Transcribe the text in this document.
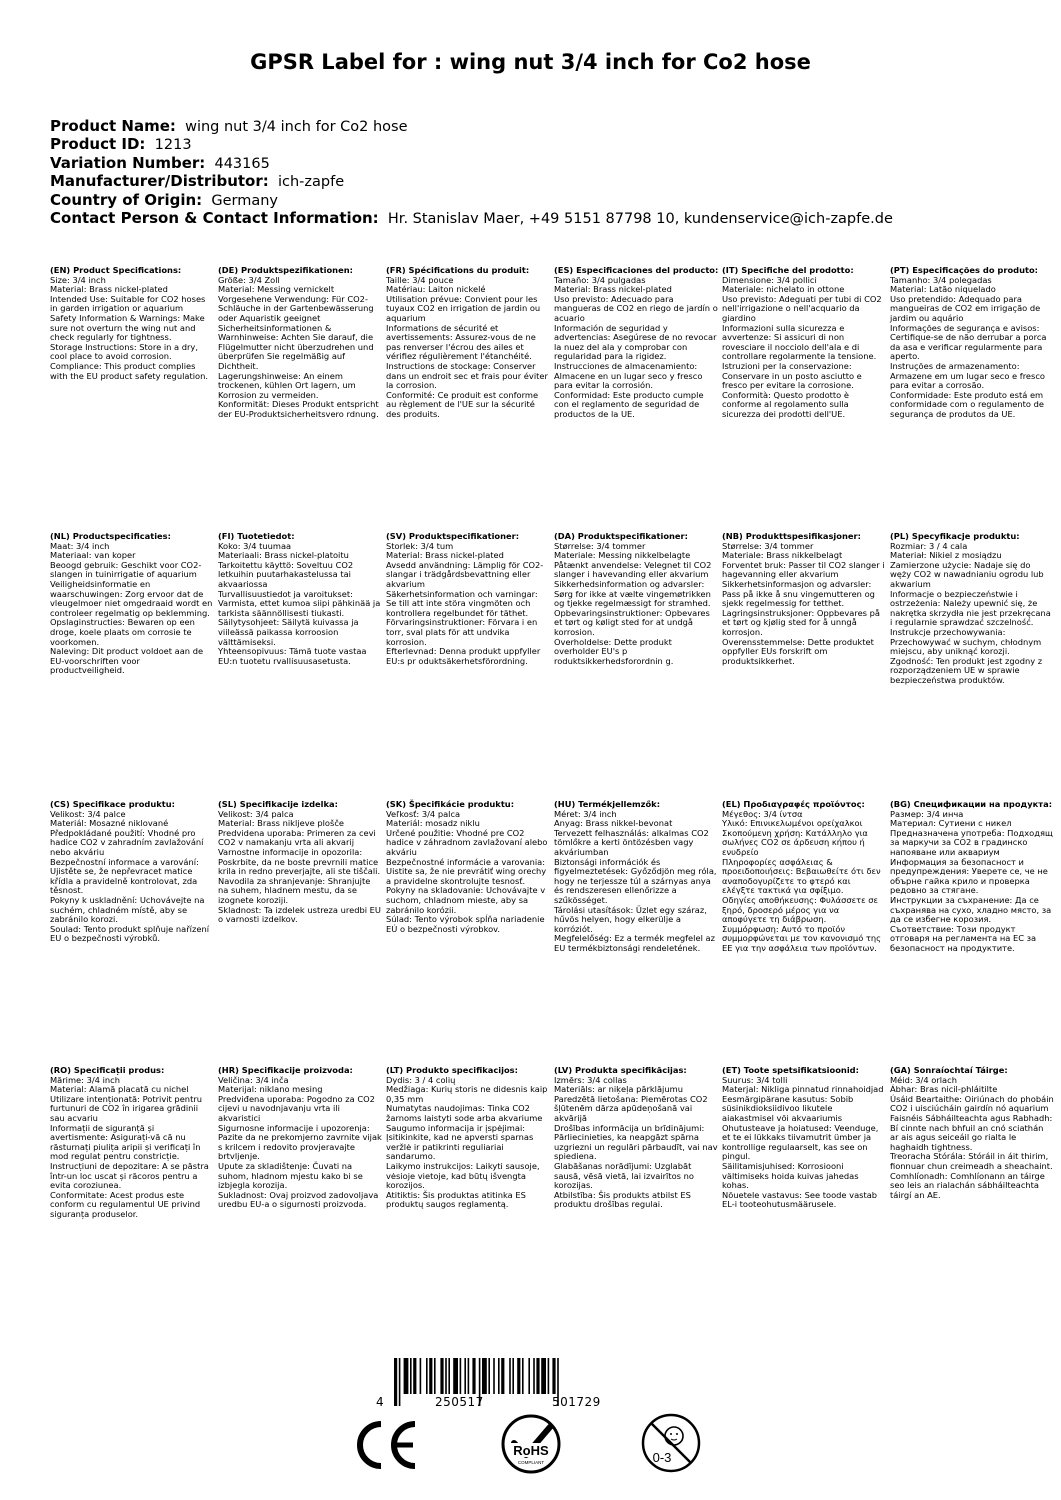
GPSR Label for : wing nut 3/4 inch for Co2 hose
Product Name: wing nut 3/4 inch for Co2 hose
Product ID: 1213
Variation Number: 443165
Manufacturer/Distributor: ich-zapfe
Country of Origin: Germany
Contact Person & Contact Information: Hr. Stanislav Maer, +49 5151 87798 10, kundenservice@ich-zapfe.de
(EN) Product Specifications:
Size: 3/4 inch
Material: Brass nickel-plated
Intended Use: Suitable for CO2 hoses in garden irrigation or aquarium
Safety Information & Warnings: Make sure not overturn the wing nut and check regularly for tightness.
Storage Instructions: Store in a dry, cool place to avoid corrosion.
Compliance: This product complies with the EU product safety regulation.
(DE) Produktspezifikationen:
Größe: 3/4 Zoll
Material: Messing vernickelt
Vorgesehene Verwendung: Für CO2-Schläuche in der Gartenbewässerung oder Aquaristik geeignet
Sicherheitsinformationen & Warnhinweise: Achten Sie darauf, die Flügelmutter nicht überzudrehen und überprüfen Sie regelmäßig auf Dichtheit.
Lagerungshinweise: An einem trockenen, kühlen Ort lagern, um Korrosion zu vermeiden.
Konformität: Dieses Produkt entspricht der EU-Produktsicherheitsvero rdnung.
(FR) Spécifications du produit:
Taille: 3/4 pouce
Matériau: Laiton nickelé
Utilisation prévue: Convient pour les tuyaux CO2 en irrigation de jardin ou aquarium
Informations de sécurité et avertissements: Assurez-vous de ne pas renverser l'écrou des ailes et vérifiez régulièrement l'étanchéité.
Instructions de stockage: Conserver dans un endroit sec et frais pour éviter la corrosion.
Conformité: Ce produit est conforme au règlement de l'UE sur la sécurité des produits.
(ES) Especificaciones del producto:
Tamaño: 3/4 pulgadas
Material: Brass nickel-plated
Uso previsto: Adecuado para mangueras de CO2 en riego de jardín o acuario
Información de seguridad y advertencias: Asegúrese de no revocar la nuez del ala y comprobar con regularidad para la rigidez.
Instrucciones de almacenamiento: Almacene en un lugar seco y fresco para evitar la corrosión.
Conformidad: Este producto cumple con el reglamento de seguridad de productos de la UE.
(IT) Specifiche del prodotto:
Dimensione: 3/4 pollici
Materiale: nichelato in ottone
Uso previsto: Adeguati per tubi di CO2 nell'irrigazione o nell'acquario da giardino
Informazioni sulla sicurezza e avvertenze: Si assicuri di non rovesciare il nocciolo dell'ala e di controllare regolarmente la tensione.
Istruzioni per la conservazione: Conservare in un posto asciutto e fresco per evitare la corrosione.
Conformità: Questo prodotto è conforme al regolamento sulla sicurezza dei prodotti dell'UE.
(PT) Especificações do produto:
Tamanho: 3/4 polegadas
Material: Latão niquelado
Uso pretendido: Adequado para mangueiras de CO2 em irrigação de jardim ou aquário
Informações de segurança e avisos: Certifique-se de não derrubar a porca da asa e verificar regularmente para aperto.
Instruções de armazenamento: Armazene em um lugar seco e fresco para evitar a corrosão.
Conformidade: Este produto está em conformidade com o regulamento de segurança de produtos da UE.
(NL) Productspecificaties:
Maat: 3/4 inch
Materiaal: van koper
Beoogd gebruik: Geschikt voor CO2-slangen in tuinirrigatie of aquarium
Veiligheidsinformatie en waarschuwingen: Zorg ervoor dat de vleugelmoer niet omgedraaid wordt en controleer regelmatig op beklemming.
Opslaginstructies: Bewaren op een droge, koele plaats om corrosie te voorkomen.
Naleving: Dit product voldoet aan de EU-voorschriften voor productveiligheid.
(FI) Tuotetiedot:
Koko: 3/4 tuumaa
Materiaali: Brass nickel-platoitu
Tarkoitettu käyttö: Soveltuu CO2 letkuihin puutarhakastelussa tai akvaariossa
Turvallisuustiedot ja varoitukset: Varmista, ettet kumoa siipi pähkinää ja tarkista säännöllisesti tiukasti.
Säilytysohjeet: Säilytä kuivassa ja viileässä paikassa korroosion välttämiseksi.
Yhteensopivuus: Tämä tuote vastaa EU:n tuotetu rvallisuusasetusta.
(SV) Produktspecifikationer:
Storlek: 3/4 tum
Material: Brass nickel-plated
Avsedd användning: Lämplig för CO2-slangar i trädgårdsbevattning eller akvarium
Säkerhetsinformation och varningar: Se till att inte störa vingmöten och kontrollera regelbundet för täthet.
Förvaringsinstruktioner: Förvara i en torr, sval plats för att undvika korrosion.
Efterlevnad: Denna produkt uppfyller EU:s pr oduktsäkerhetsförordning.
(DA) Produktspecifikationer:
Størrelse: 3/4 tommer
Materiale: Messing nikkelbelagte
Påtænkt anvendelse: Velegnet til CO2 slanger i havevanding eller akvarium
Sikkerhedsinformation og advarsler: Sørg for ikke at vælte vingemøtrikken og tjekke regelmæssigt for stramhed.
Opbevaringsinstruktioner: Opbevares et tørt og køligt sted for at undgå korrosion.
Overholdelse: Dette produkt overholder EU's p roduktsikkerhedsforordnin g.
(NB) Produkttspesifikasjoner:
Størrelse: 3/4 tommer
Materiale: Brass nikkelbelagt
Forventet bruk: Passer til CO2 slanger i hagevanning eller akvarium
Sikkerhetsinformasjon og advarsler: Pass på ikke å snu vingemutteren og sjekk regelmessig for tetthet.
Lagringsinstruksjoner: Oppbevares på et tørt og kjølig sted for å unngå korrosjon.
Overensstemmelse: Dette produktet oppfyller EUs forskrift om produktsikkerhet.
(PL) Specyfikacje produktu:
Rozmiar: 3 / 4 cala
Materiał: Nikiel z mosiądzu
Zamierzone użycie: Nadaje się do węży CO2 w nawadnianiu ogrodu lub akwarium
Informacje o bezpieczeństwie i ostrzeżenia: Należy upewnić się, że nakrętka skrzydła nie jest przekręcana i regularnie sprawdzać szczelność.
Instrukcje przechowywania: Przechowywać w suchym, chłodnym miejscu, aby uniknąć korozji.
Zgodność: Ten produkt jest zgodny z rozporządzeniem UE w sprawie bezpieczeństwa produktów.
(CS) Specifikace produktu:
Velikost: 3/4 palce
Materiál: Mosazné niklované
Předpokládané použití: Vhodné pro hadice CO2 v zahradním zavlažování nebo akváriu
Bezpečnostní informace a varování: Ujistěte se, že nepřevracet matice křídla a pravidelně kontrolovat, zda těsnost.
Pokyny k uskladnění: Uchovávejte na suchém, chladném místě, aby se zabránilo korozi.
Soulad: Tento produkt splňuje nařízení EU o bezpečnosti výrobků.
(SL) Specifikacije izdelka:
Velikost: 3/4 palca
Material: Brass nikljeve plošče
Predvidena uporaba: Primeren za cevi CO2 v namakanju vrta ali akvarij
Varnostne informacije in opozorila: Poskrbite, da ne boste prevrnili matice krila in redno preverjajte, ali ste tiščali.
Navodila za shranjevanje: Shranjujte na suhem, hladnem mestu, da se izognete koroziji.
Skladnost: Ta izdelek ustreza uredbi EU o varnosti izdelkov.
(SK) Špecifikácie produktu:
Veľkosť: 3/4 palca
Materiál: mosadz niklu
Určené použitie: Vhodné pre CO2 hadice v záhradnom zavlažovaní alebo akváriu
Bezpečnostné informácie a varovania: Uistite sa, že nie prevrátiť wing orechy a pravidelne skontrolujte tesnosť.
Pokyny na skladovanie: Uchovávajte v suchom, chladnom mieste, aby sa zabránilo korózii.
Súlad: Tento výrobok spĺňa nariadenie EÚ o bezpečnosti výrobkov.
(HU) Termékjellemzők:
Méret: 3/4 inch
Anyag: Brass nikkel-bevonat
Tervezett felhasználás: alkalmas CO2 tömlőkre a kerti öntözésben vagy akváriumban
Biztonsági információk és figyelmeztetések: Győződjön meg róla, hogy ne terjessze túl a szárnyas anya és rendszeresen ellenőrizze a szűkösséget.
Tárolási utasítások: Üzlet egy száraz, hűvös helyen, hogy elkerülje a korróziót.
Megfelelőség: Ez a termék megfelel az EU termékbiztonsági rendeletének.
(EL) Προδιαγραφές προϊόντος:
Μέγεθος: 3/4 ίντσα
Υλικό: Επινικελωμένοι ορείχαλκοι
Σκοπούμενη χρήση: Κατάλληλο για σωλήνες CO2 σε άρδευση κήπου ή ενυδρείο
Πληροφορίες ασφάλειας & προειδοποιήσεις: Βεβαιωθείτε ότι δεν αναποδογυρίζετε το φτερό και ελέγξτε τακτικά για σφίξιμο.
Οδηγίες αποθήκευσης: Φυλάσσετε σε ξηρό, δροσερό μέρος για να αποφύγετε τη διάβρωση.
Συμμόρφωση: Αυτό το προϊόν συμμορφώνεται με τον κανονισμό της ΕΕ για την ασφάλεια των προϊόντων.
(BG) Спецификации на продукта:
Размер: 3/4 инча
Материал: Сутиени с никел
Предназначена употреба: Подходящ за маркучи за CO2 в градинско напояване или аквариум
Информация за безопасност и предупреждения: Уверете се, че не обърне гайка крило и проверка редовно за стягане.
Инструкции за съхранение: Да се съхранява на сухо, хладно място, за да се избегне корозия.
Съответствие: Този продукт отговаря на регламента на ЕС за безопасност на продуктите.
(RO) Specificații produs:
Mărime: 3/4 inch
Material: Alamă placată cu nichel
Utilizare intenționată: Potrivit pentru furtunuri de CO2 în irigarea grădinii sau acvariu
Informații de siguranță și avertismente: Asigurați-vă că nu răsturnați piulița aripii și verificați în mod regulat pentru constricție.
Instrucțiuni de depozitare: A se păstra într-un loc uscat și răcoros pentru a evita coroziunea.
Conformitate: Acest produs este conform cu regulamentul UE privind siguranța produselor.
(HR) Specifikacije proizvoda:
Veličina: 3/4 inča
Materijal: niklano mesing
Predviđena uporaba: Pogodno za CO2 cijevi u navodnjavanju vrta ili akvaristici
Sigurnosne informacije i upozorenja: Pazite da ne prekomjerno zavrnite vijak s krilcem i redovito provjeravajte brtvljenje.
Upute za skladištenje: Čuvati na suhom, hladnom mjestu kako bi se izbjegla korozija.
Sukladnost: Ovaj proizvod zadovoljava uredbu EU-a o sigurnosti proizvoda.
(LT) Produkto specifikacijos:
Dydis: 3 / 4 colių
Medžiaga: Kurių storis ne didesnis kaip 0,35 mm
Numatytas naudojimas: Tinka CO2 žarnoms laistyti sode arba akvariume
Saugumo informacija ir įspėjimai: Įsitikinkite, kad ne apversti sparnas veržlė ir patikrinti reguliariai sandarumo.
Laikymo instrukcijos: Laikyti sausoje, vėsioje vietoje, kad būtų išvengta korozijos.
Atitiktis: Šis produktas atitinka ES produktų saugos reglamentą.
(LV) Produkta specifikācijas:
Izmērs: 3/4 collas
Materiāls: ar niķeļa pārklājumu
Paredzētā lietošana: Piemērotas CO2 šļūtenēm dārza apūdeņošanā vai akvārijā
Drošības informācija un brīdinājumi: Pārliecinieties, ka neapgāzt spārna uzgriezni un regulāri pārbaudīt, vai nav spiediena.
Glabāšanas norādījumi: Uzglabāt sausā, vēsā vietā, lai izvairītos no korozijas.
Atbilstība: Šis produkts atbilst ES produktu drošības regulai.
(ET) Toote spetsifikatsioonid:
Suurus: 3/4 tolli
Materjal: Nikliga pinnatud rinnahoidjad
Eesmärgipärane kasutus: Sobib süsinikdioksiidivoo likutele aiakastmisel või akvaariumis
Ohutusteave ja hoiatused: Veenduge, et te ei lükkaks tiivamutrit ümber ja kontrollige regulaarselt, kas see on pingul.
Säilitamisjuhised: Korrosiooni vältimiseks hoida kuivas jahedas kohas.
Nõuetele vastavus: See toode vastab EL-i tooteohutusmäärusele.
(GA) Sonraíochtaí Táirge:
Méid: 3/4 orlach
Ábhar: Bras nicil-phláitilte
Úsáid Beartaithe: Oiriúnach do phobáin CO2 i uisciúcháin gairdín nó aquarium
Faisnéis Sábháilteachta agus Rabhadh: Bí cinnte nach bhfuil an cnó sciathán ar ais agus seiceáil go rialta le haghaidh tightness.
Treoracha Stórála: Stóráil in áit thirim, fionnuar chun creimeadh a sheachaint.
Comhlíonadh: Comhlíonann an táirge seo leis an rialachán sábháilteachta táirgí an AE.
4	250517	501729
RoHS
COMPLIANT	0-3
